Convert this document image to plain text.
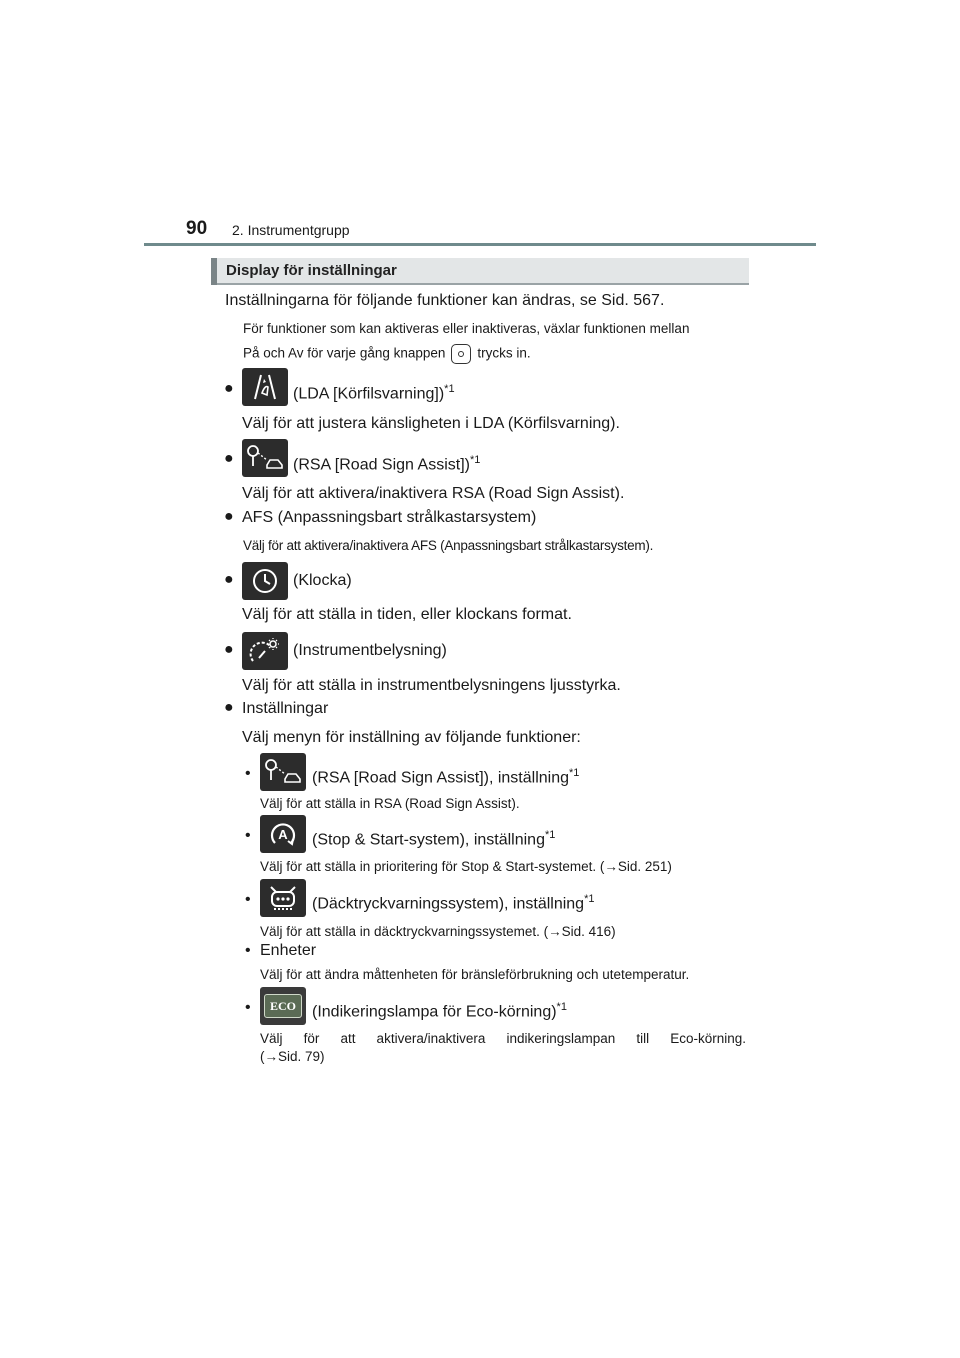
90 2. Instrumentgrupp
Display för inställningar
Inställningarna för följande funktioner kan ändras, se Sid. 567.
För funktioner som kan aktiveras eller inaktiveras, växlar funktionen mellan
På och Av för varje gång knappen trycks in.
●	(LDA [Körfilsvarning])$^{*1}$
Välj för att justera känsligheten i LDA (Körfilsvarning).
●	(RSA [Road Sign Assist])$^{*1}$
Välj för att aktivera/inaktivera RSA (Road Sign Assist).
● AFS (Anpassningsbart strålkastarsystem)
Välj för att aktivera/inaktivera AFS (Anpassningsbart strålkastarsystem).
●	(Klocka)
Välj för att ställa in tiden, eller klockans format.
●	(Instrumentbelysning)
Välj för att ställa in instrumentbelysningens ljusstyrka.
● Inställningar
Välj menyn för inställning av följande funktioner:
•	(RSA [Road Sign Assist]), inställning$^{*1}$
Välj för att ställa in RSA (Road Sign Assist).
• A (Stop & Start-system), inställning$^{*1}$
Välj för att ställa in prioritering för Stop & Start-systemet. (→Sid. 251)
•	(Däcktryckvarningssystem), inställning$^{*1}$
Välj för att ställa in däcktryckvarningssystemet. (→Sid. 416)
• Enheter
Välj för att ändra måttenheten för bränsleförbrukning och utetemperatur.
•	ECO	(Indikeringslampa för Eco-körning)$^{*1}$
Välj för att aktivera/inaktivera indikeringslampan till Eco-körning.
(→Sid. 79)
